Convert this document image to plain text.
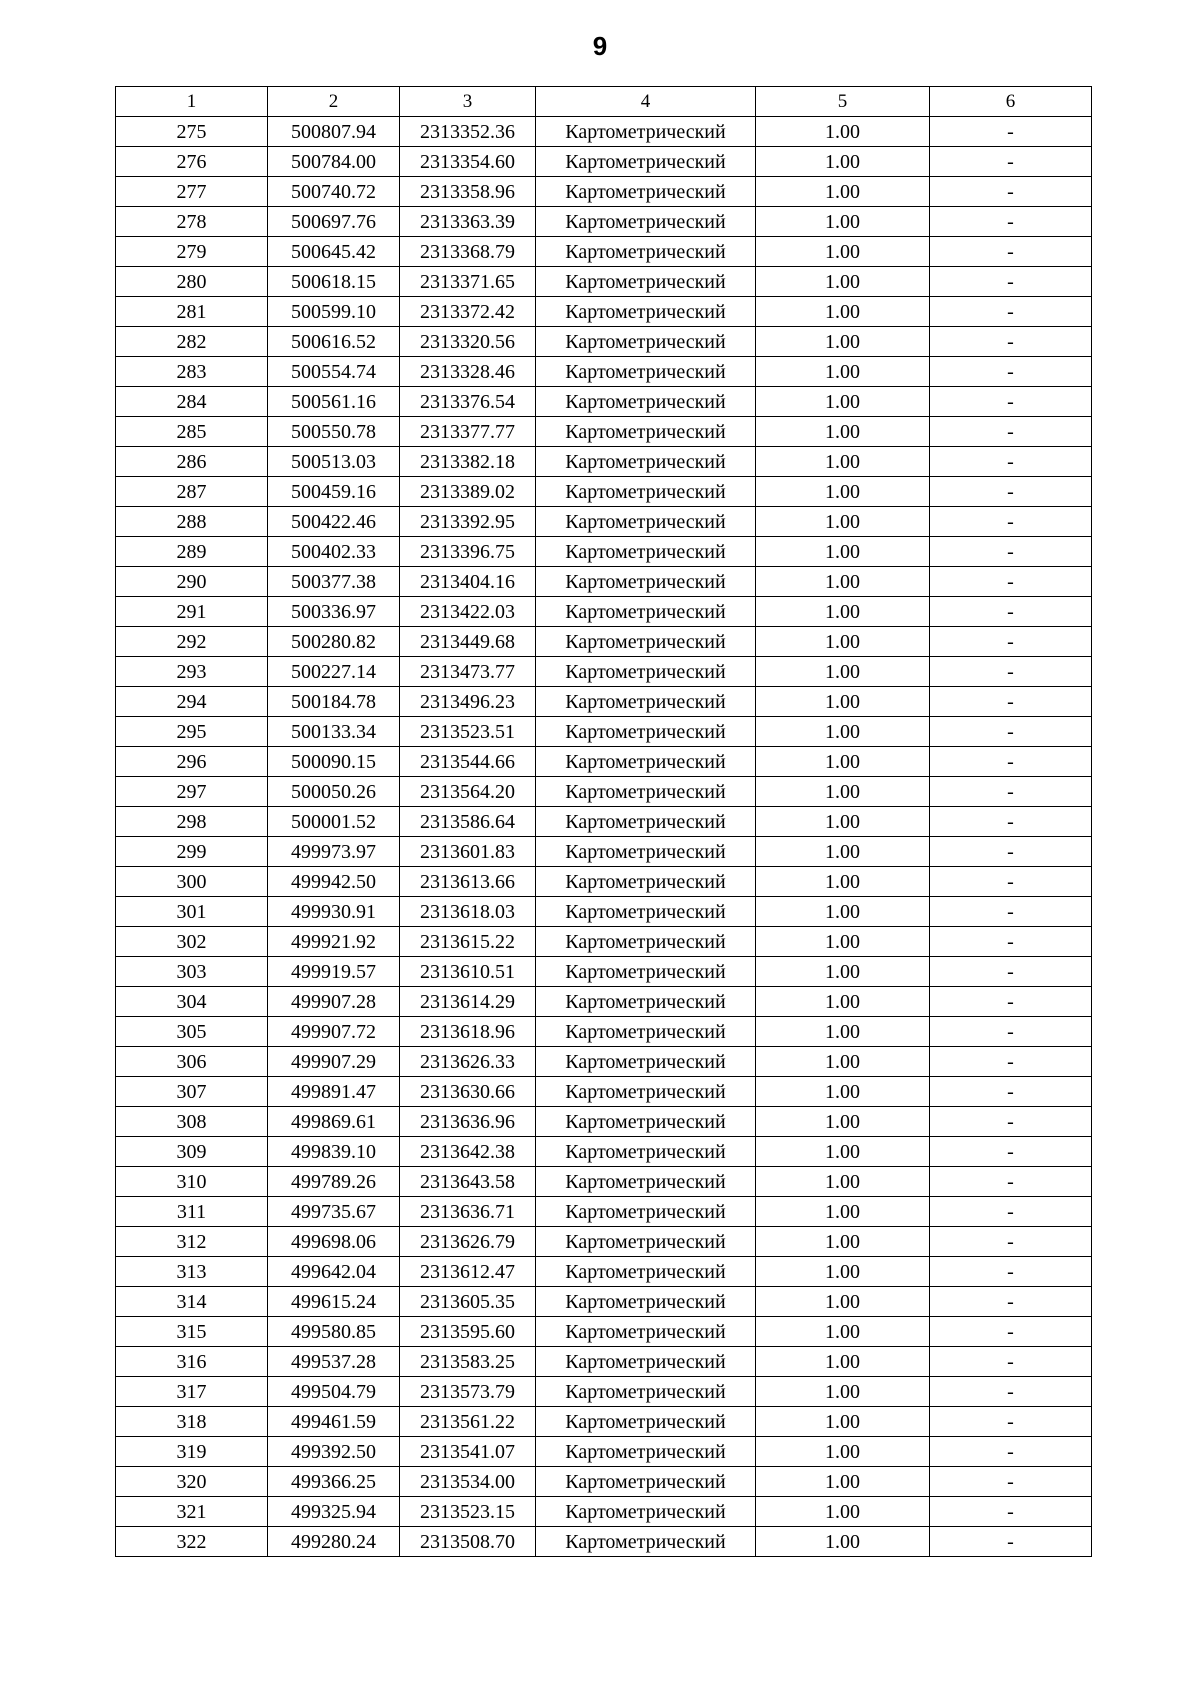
9
1	2	3	4	5	6
275	500807.94	2313352.36	Картометрический	1.00	-
276	500784.00	2313354.60	Картометрический	1.00	-
277	500740.72	2313358.96	Картометрический	1.00	-
278	500697.76	2313363.39	Картометрический	1.00	-
279	500645.42	2313368.79	Картометрический	1.00	-
280	500618.15	2313371.65	Картометрический	1.00	-
281	500599.10	2313372.42	Картометрический	1.00	-
282	500616.52	2313320.56	Картометрический	1.00	-
283	500554.74	2313328.46	Картометрический	1.00	-
284	500561.16	2313376.54	Картометрический	1.00	-
285	500550.78	2313377.77	Картометрический	1.00	-
286	500513.03	2313382.18	Картометрический	1.00	-
287	500459.16	2313389.02	Картометрический	1.00	-
288	500422.46	2313392.95	Картометрический	1.00	-
289	500402.33	2313396.75	Картометрический	1.00	-
290	500377.38	2313404.16	Картометрический	1.00	-
291	500336.97	2313422.03	Картометрический	1.00	-
292	500280.82	2313449.68	Картометрический	1.00	-
293	500227.14	2313473.77	Картометрический	1.00	-
294	500184.78	2313496.23	Картометрический	1.00	-
295	500133.34	2313523.51	Картометрический	1.00	-
296	500090.15	2313544.66	Картометрический	1.00	-
297	500050.26	2313564.20	Картометрический	1.00	-
298	500001.52	2313586.64	Картометрический	1.00	-
299	499973.97	2313601.83	Картометрический	1.00	-
300	499942.50	2313613.66	Картометрический	1.00	-
301	499930.91	2313618.03	Картометрический	1.00	-
302	499921.92	2313615.22	Картометрический	1.00	-
303	499919.57	2313610.51	Картометрический	1.00	-
304	499907.28	2313614.29	Картометрический	1.00	-
305	499907.72	2313618.96	Картометрический	1.00	-
306	499907.29	2313626.33	Картометрический	1.00	-
307	499891.47	2313630.66	Картометрический	1.00	-
308	499869.61	2313636.96	Картометрический	1.00	-
309	499839.10	2313642.38	Картометрический	1.00	-
310	499789.26	2313643.58	Картометрический	1.00	-
311	499735.67	2313636.71	Картометрический	1.00	-
312	499698.06	2313626.79	Картометрический	1.00	-
313	499642.04	2313612.47	Картометрический	1.00	-
314	499615.24	2313605.35	Картометрический	1.00	-
315	499580.85	2313595.60	Картометрический	1.00	-
316	499537.28	2313583.25	Картометрический	1.00	-
317	499504.79	2313573.79	Картометрический	1.00	-
318	499461.59	2313561.22	Картометрический	1.00	-
319	499392.50	2313541.07	Картометрический	1.00	-
320	499366.25	2313534.00	Картометрический	1.00	-
321	499325.94	2313523.15	Картометрический	1.00	-
322	499280.24	2313508.70	Картометрический	1.00	-
